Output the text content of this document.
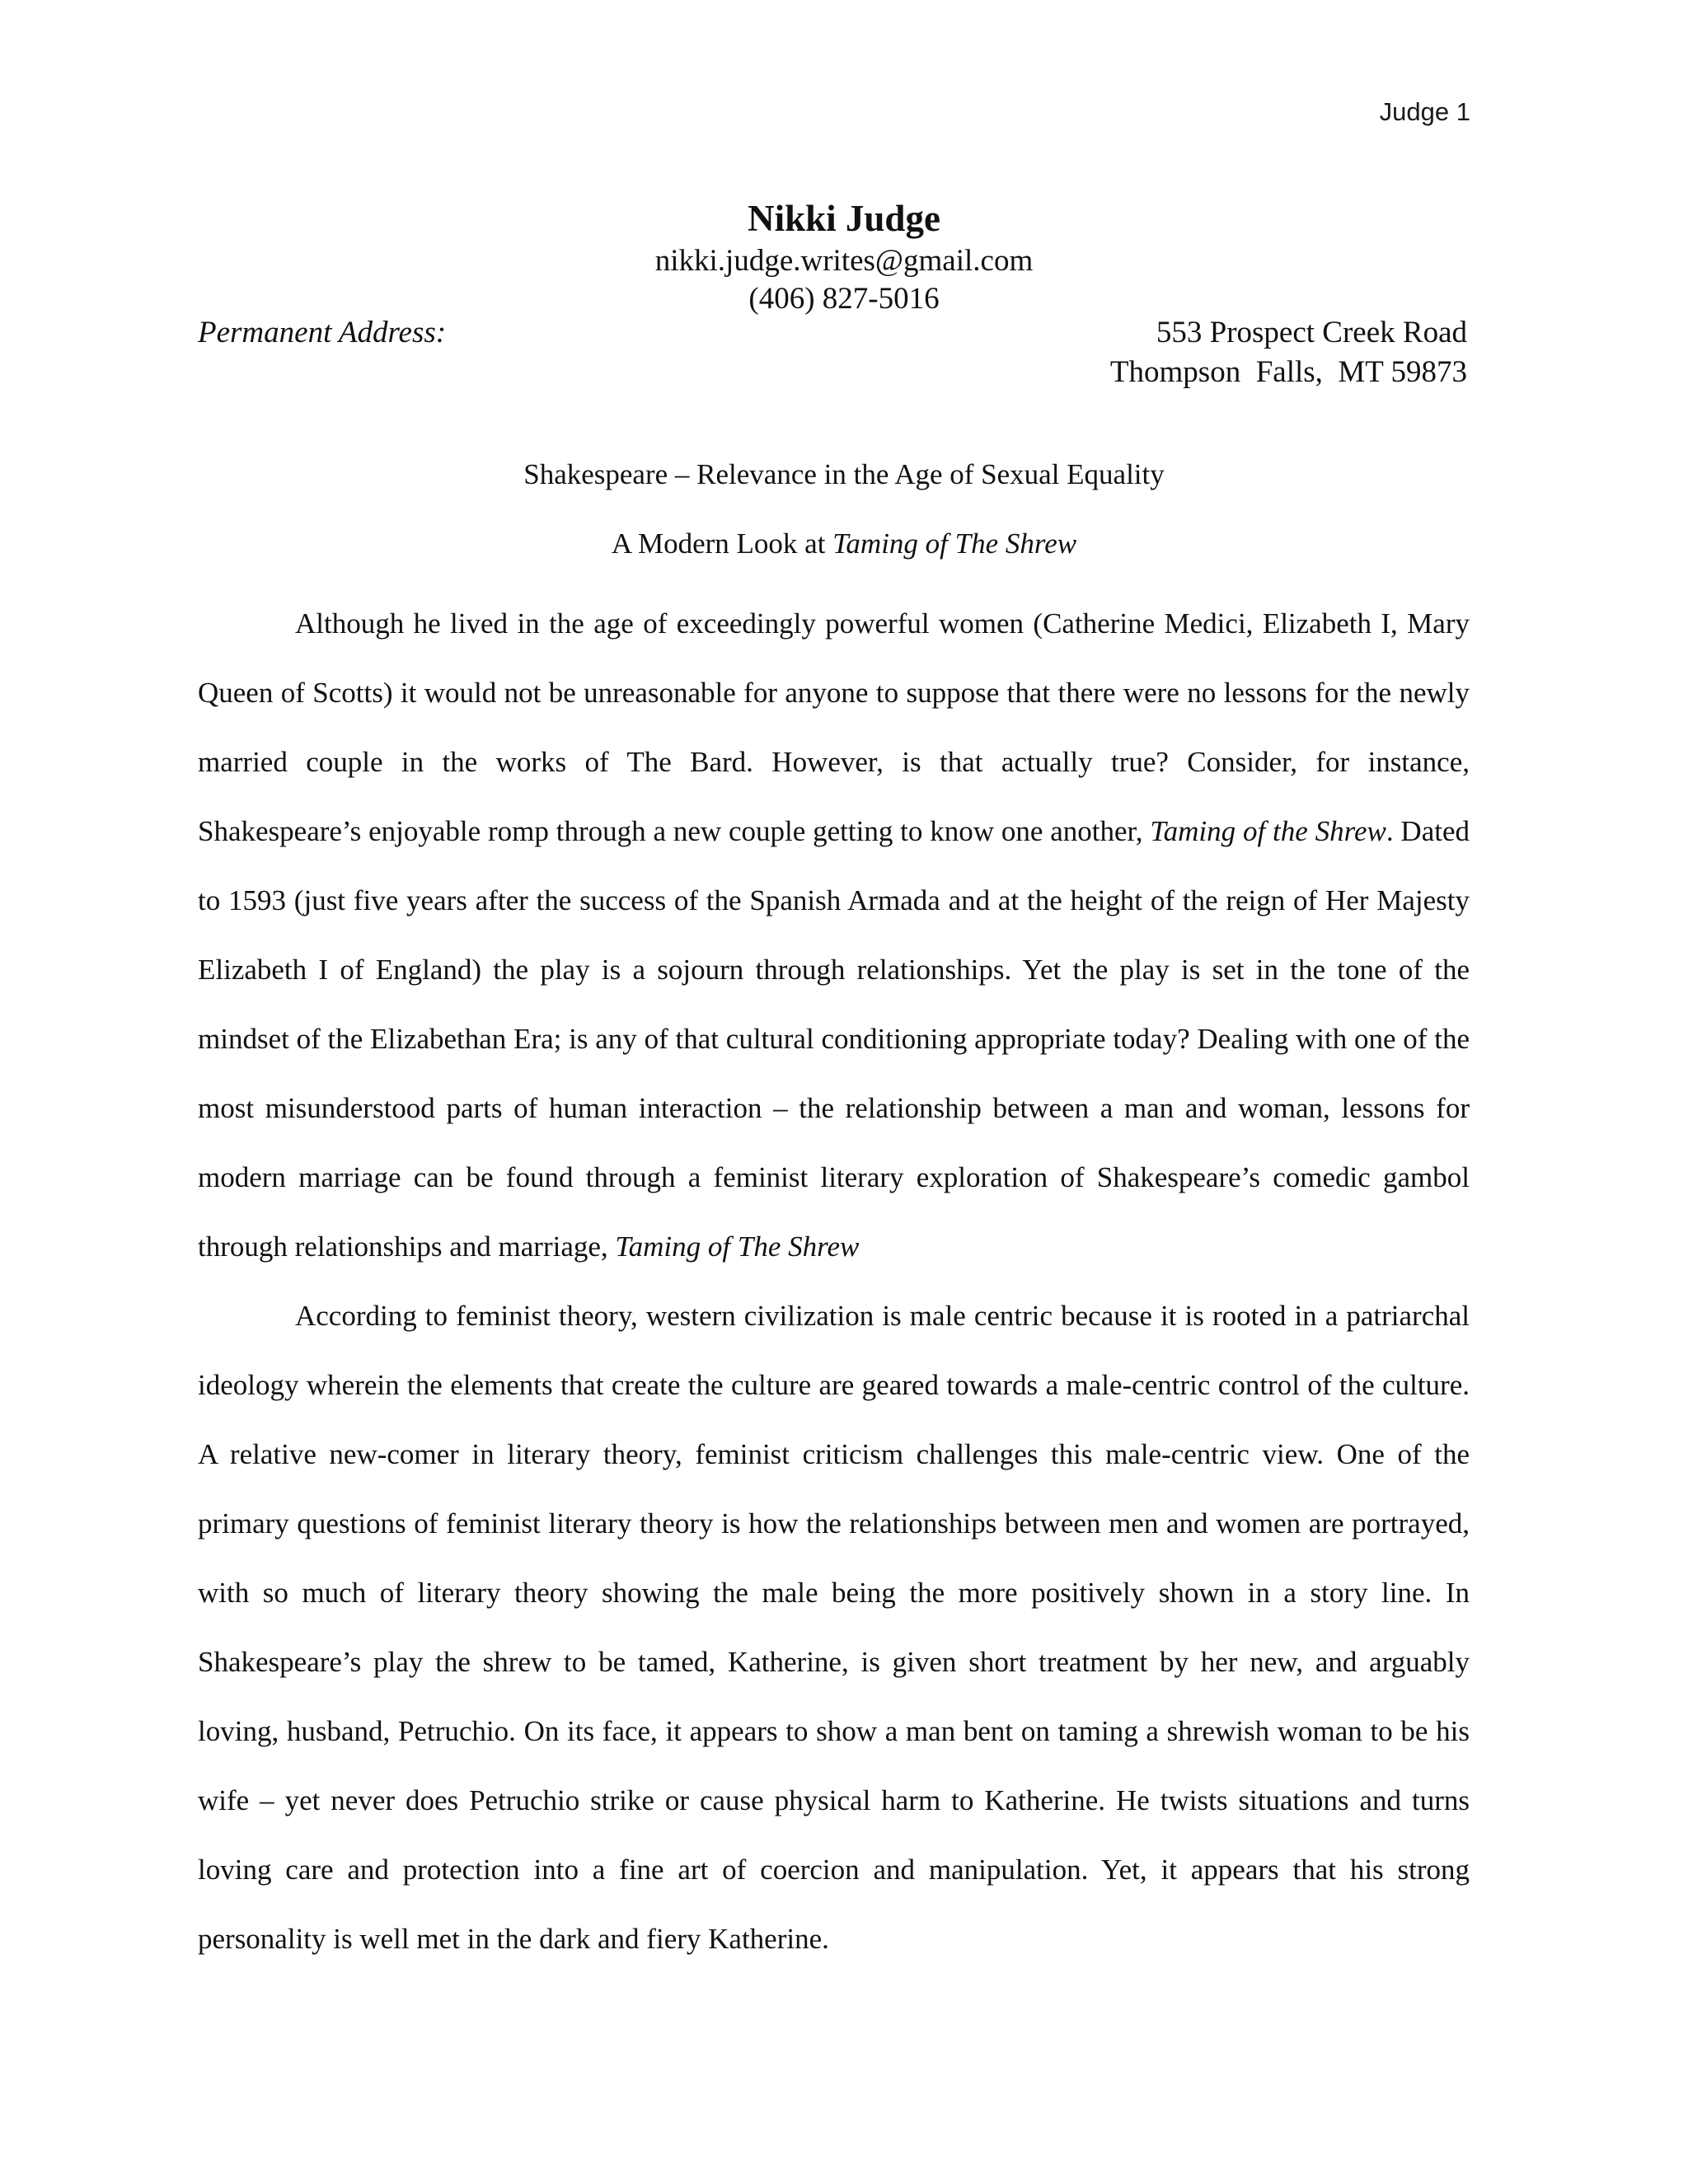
Judge 1
Nikki Judge
nikki.judge.writes@gmail.com
(406) 827-5016
Permanent Address:	553 Prospect Creek Road
Thompson  Falls,  MT 59873
Shakespeare – Relevance in the Age of Sexual Equality
A Modern Look at Taming of The Shrew

Although he lived in the age of exceedingly powerful women (Catherine Medici, Elizabeth I, Mary Queen of Scotts) it would not be unreasonable for anyone to suppose that there were no lessons for the newly married couple in the works of The Bard. However, is that actually true? Consider, for instance, Shakespeare’s enjoyable romp through a new couple getting to know one another, Taming of the Shrew. Dated to 1593 (just five years after the success of the Spanish Armada and at the height of the reign of Her Majesty Elizabeth I of England) the play is a sojourn through relationships. Yet the play is set in the tone of the mindset of the Elizabethan Era; is any of that cultural conditioning appropriate today? Dealing with one of the most misunderstood parts of human interaction – the relationship between a man and woman, lessons for modern marriage can be found through a feminist literary exploration of Shakespeare’s comedic gambol through relationships and marriage, Taming of The Shrew

According to feminist theory, western civilization is male centric because it is rooted in a patriarchal ideology wherein the elements that create the culture are geared towards a male-centric control of the culture. A relative new-comer in literary theory, feminist criticism challenges this male-centric view. One of the primary questions of feminist literary theory is how the relationships between men and women are portrayed, with so much of literary theory showing the male being the more positively shown in a story line. In Shakespeare’s play the shrew to be tamed, Katherine, is given short treatment by her new, and arguably loving, husband, Petruchio. On its face, it appears to show a man bent on taming a shrewish woman to be his wife – yet never does Petruchio strike or cause physical harm to Katherine. He twists situations and turns loving care and protection into a fine art of coercion and manipulation. Yet, it appears that his strong personality is well met in the dark and fiery Katherine.
